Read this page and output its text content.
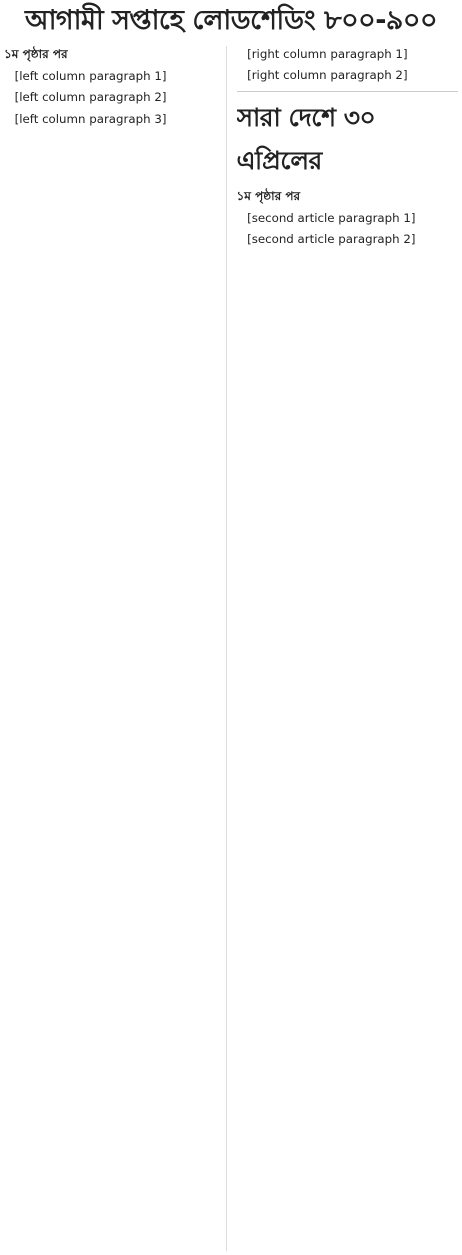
আগামী সপ্তাহে লোডশেডিং ৮০০-৯০০
১ম পৃষ্ঠার পর

[left column paragraph 1]

[left column paragraph 2]

[left column paragraph 3]

[right column paragraph 1]

[right column paragraph 2]

সারা দেশে ৩০ এপ্রিলের
১ম পৃষ্ঠার পর

[second article paragraph 1]

[second article paragraph 2]
